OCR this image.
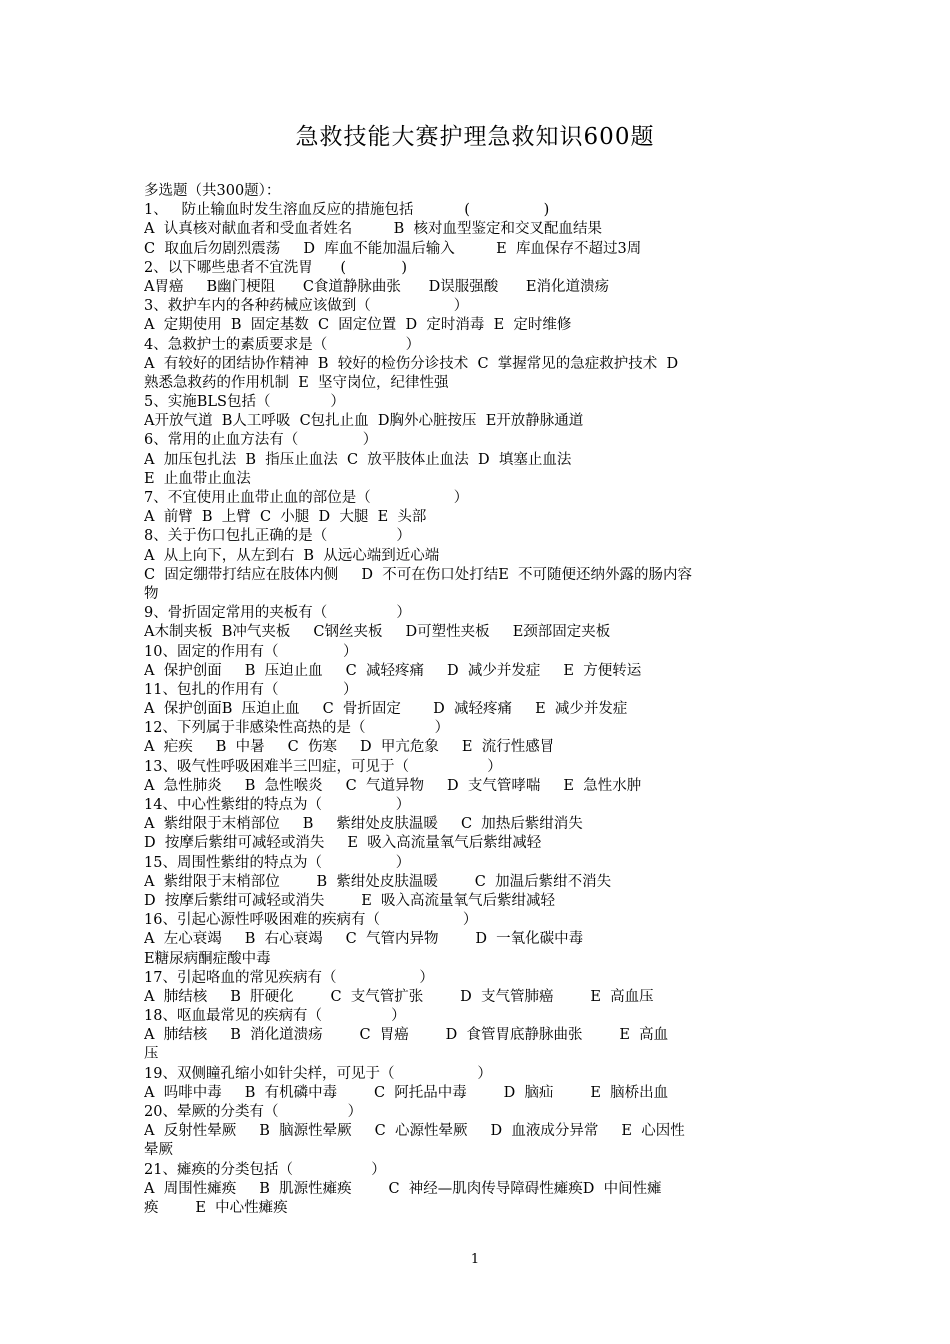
急救技能大赛护理急救知识600题
多选题（共300题）：
1、   防止输血时发生溶血反应的措施包括           (                )
A  认真核对献血者和受血者姓名         B  核对血型鉴定和交叉配血结果
C  取血后勿剧烈震荡     D  库血不能加温后输入         E  库血保存不超过3周
2、以下哪些患者不宜洗胃      (            )
A胃癌     B幽门梗阻      C食道静脉曲张      D误服强酸      E消化道溃疡
3、救护车内的各种药械应该做到（                  ）
A  定期使用  B  固定基数  C  固定位置  D  定时消毒  E  定时维修
4、急救护士的素质要求是（                 ）
A  有较好的团结协作精神  B  较好的检伤分诊技术  C  掌握常见的急症救护技术  D
熟悉急救药的作用机制  E  坚守岗位，纪律性强
5、实施BLS包括（             ）
A开放气道  B人工呼吸  C包扎止血  D胸外心脏按压  E开放静脉通道
6、常用的止血方法有（              ）
A  加压包扎法  B  指压止血法  C  放平肢体止血法  D  填塞止血法
E  止血带止血法
7、不宜使用止血带止血的部位是（                  ）
A  前臂  B  上臂  C  小腿  D  大腿  E  头部
8、关于伤口包扎正确的是（               ）
A  从上向下，从左到右  B  从远心端到近心端
C  固定绷带打结应在肢体内侧     D  不可在伤口处打结E  不可随便还纳外露的肠内容
物
9、骨折固定常用的夹板有（               ）
A木制夹板  B冲气夹板     C钢丝夹板     D可塑性夹板     E颈部固定夹板
10、固定的作用有（              ）
A  保护创面     B  压迫止血     C  减轻疼痛     D  减少并发症     E  方便转运
11、包扎的作用有（              ）
A  保护创面B  压迫止血     C  骨折固定       D  减轻疼痛     E  减少并发症
12、下列属于非感染性高热的是（               ）
A  疟疾     B  中暑     C  伤寒     D  甲亢危象     E  流行性感冒
13、吸气性呼吸困难半三凹症，可见于（                 ）
A  急性肺炎     B  急性喉炎     C  气道异物     D  支气管哮喘     E  急性水肿
14、中心性紫绀的特点为（                ）
A  紫绀限于末梢部位     B     紫绀处皮肤温暖     C  加热后紫绀消失
D  按摩后紫绀可减轻或消失     E  吸入高流量氧气后紫绀减轻
15、周围性紫绀的特点为（                ）
A  紫绀限于末梢部位        B  紫绀处皮肤温暖        C  加温后紫绀不消失
D  按摩后紫绀可减轻或消失        E  吸入高流量氧气后紫绀减轻
16、引起心源性呼吸困难的疾病有（                  ）
A  左心衰竭     B  右心衰竭     C  气管内异物        D  一氧化碳中毒
E糖尿病酮症酸中毒
17、引起咯血的常见疾病有（                  ）
A  肺结核     B  肝硬化        C  支气管扩张        D  支气管肺癌        E  高血压
18、呕血最常见的疾病有（               ）
A  肺结核     B  消化道溃疡        C  胃癌        D  食管胃底静脉曲张        E  高血
压
19、双侧瞳孔缩小如针尖样，可见于（                  ）
A  吗啡中毒     B  有机磷中毒        C  阿托品中毒        D  脑疝        E  脑桥出血
20、晕厥的分类有（               ）
A  反射性晕厥     B  脑源性晕厥     C  心源性晕厥     D  血液成分异常     E  心因性
晕厥
21、瘫痪的分类包括（                 ）
A  周围性瘫痪     B  肌源性瘫痪        C  神经—肌肉传导障碍性瘫痪D  中间性瘫
痪        E  中心性瘫痪
1
